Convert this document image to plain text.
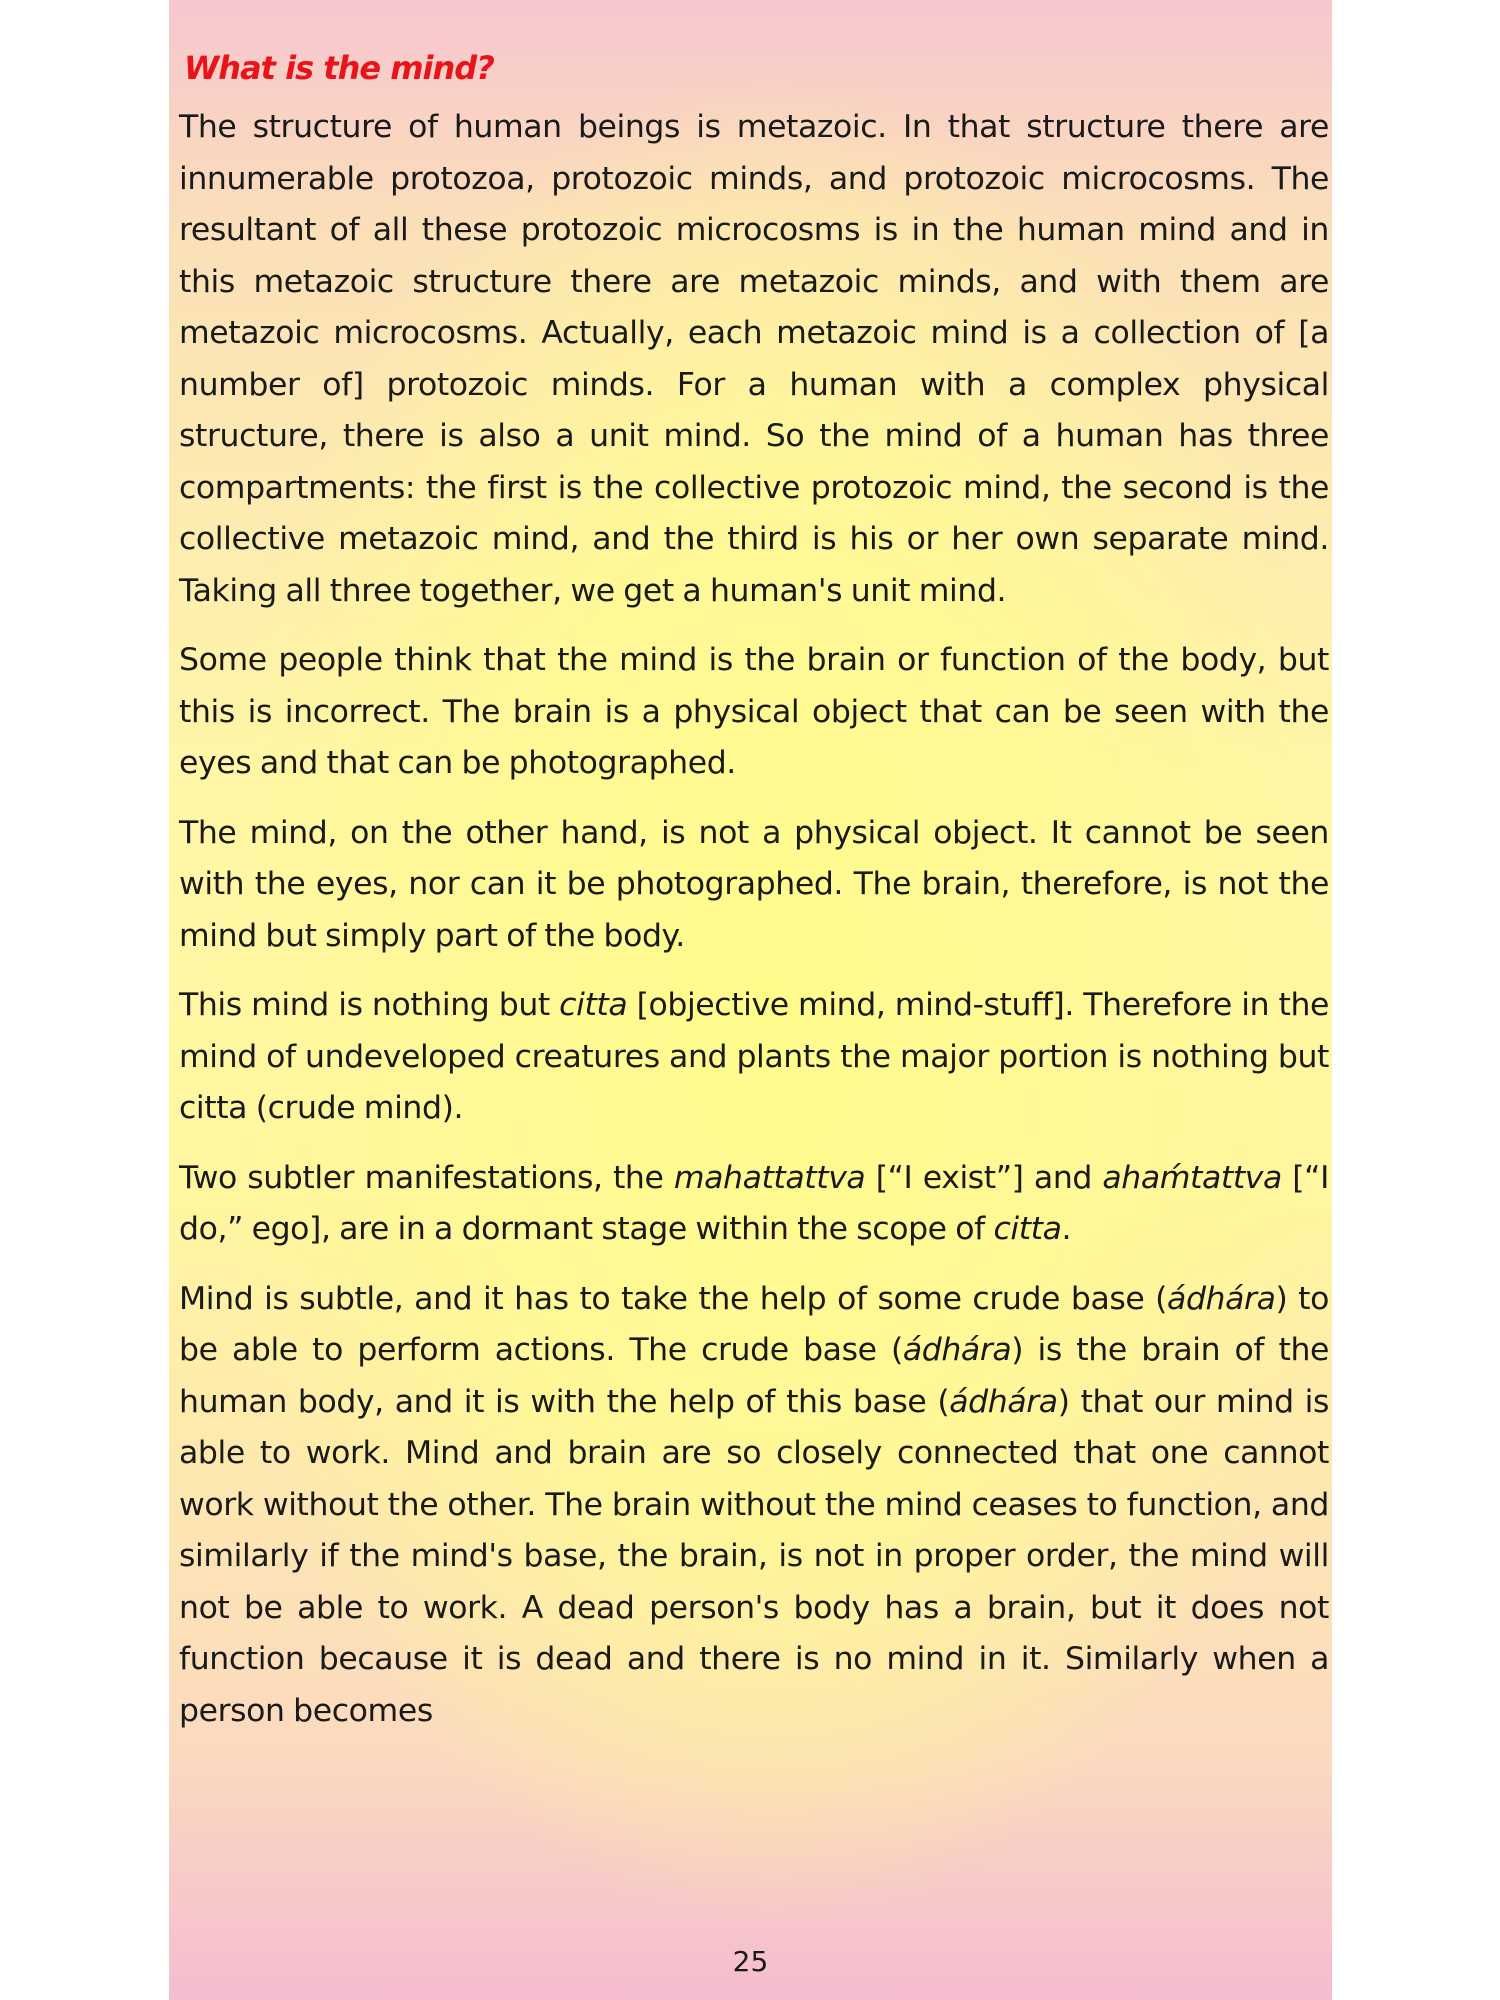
What is the mind?

The structure of human beings is metazoic. In that structure there are innumerable protozoa, protozoic minds, and protozoic microcosms. The resultant of all these protozoic microcosms is in the human mind and in this metazoic structure there are metazoic minds, and with them are metazoic microcosms. Actually, each metazoic mind is a collection of [a number of] protozoic minds. For a human with a complex physical structure, there is also a unit mind. So the mind of a human has three compartments: the first is the collective protozoic mind, the second is the collective metazoic mind, and the third is his or her own separate mind. Taking all three together, we get a human's unit mind.

Some people think that the mind is the brain or function of the body, but this is incorrect. The brain is a physical object that can be seen with the eyes and that can be photographed.

The mind, on the other hand, is not a physical object. It cannot be seen with the eyes, nor can it be photographed. The brain, therefore, is not the mind but simply part of the body.

This mind is nothing but citta [objective mind, mind-stuff]. Therefore in the mind of undeveloped creatures and plants the major portion is nothing but citta (crude mind).

Two subtler manifestations, the mahattattva [“I exist”] and ahaḿtattva [“I do,” ego], are in a dormant stage within the scope of citta.

Mind is subtle, and it has to take the help of some crude base (ádhára) to be able to perform actions. The crude base (ádhára) is the brain of the human body, and it is with the help of this base (ádhára) that our mind is able to work. Mind and brain are so closely connected that one cannot work without the other. The brain without the mind ceases to function, and similarly if the mind's base, the brain, is not in proper order, the mind will not be able to work. A dead person's body has a brain, but it does not function because it is dead and there is no mind in it. Similarly when a person becomes

25
